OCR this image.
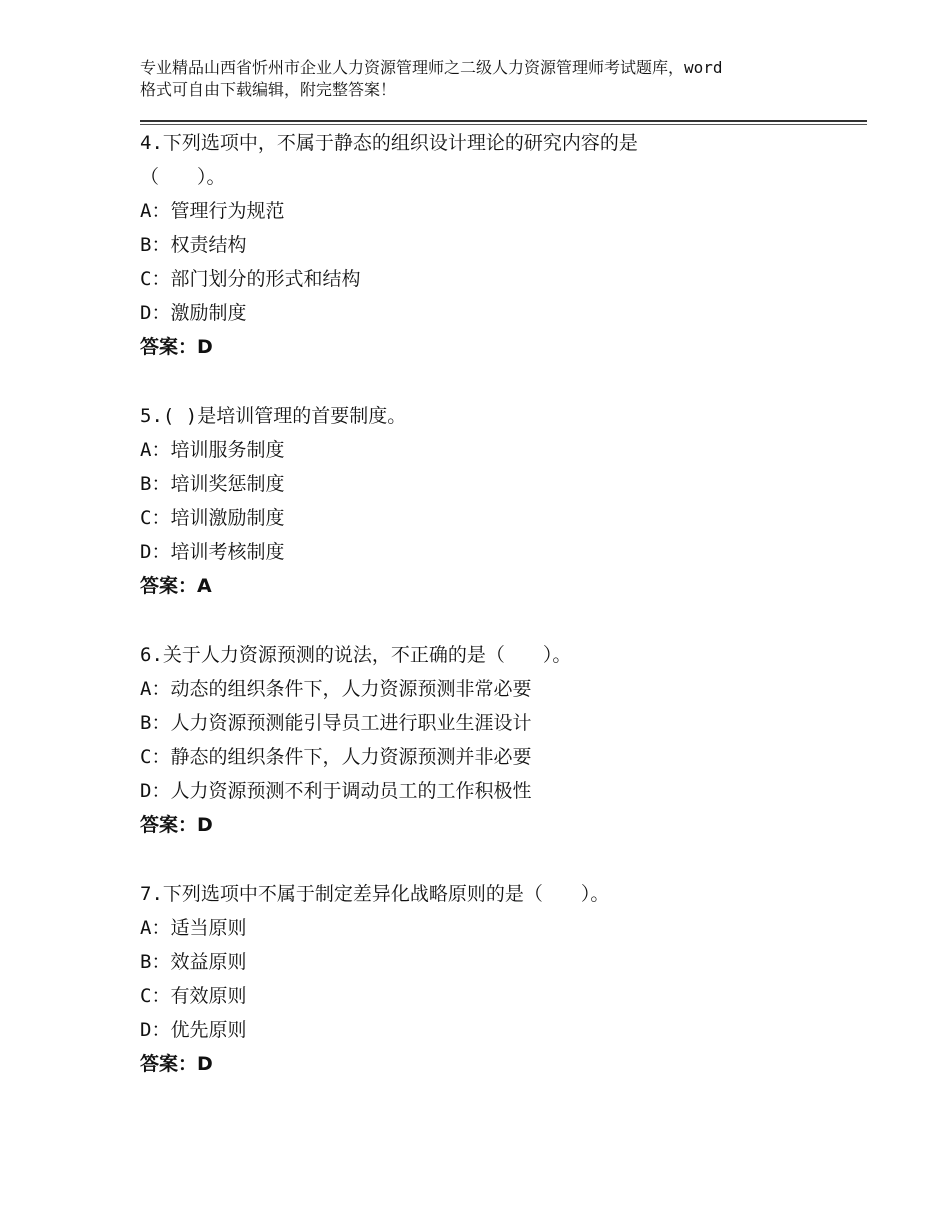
专业精品山西省忻州市企业人力资源管理师之二级人力资源管理师考试题库，word
格式可自由下载编辑，附完整答案！
4.下列选项中，不属于静态的组织设计理论的研究内容的是
（　　）。
A：管理行为规范
B：权责结构
C：部门划分的形式和结构
D：激励制度
答案：D
5.( )是培训管理的首要制度。
A：培训服务制度
B：培训奖惩制度
C：培训激励制度
D：培训考核制度
答案：A
6.关于人力资源预测的说法，不正确的是（　　）。
A：动态的组织条件下，人力资源预测非常必要
B：人力资源预测能引导员工进行职业生涯设计
C：静态的组织条件下，人力资源预测并非必要
D：人力资源预测不利于调动员工的工作积极性
答案：D
7.下列选项中不属于制定差异化战略原则的是（　　）。
A：适当原则
B：效益原则
C：有效原则
D：优先原则
答案：D
